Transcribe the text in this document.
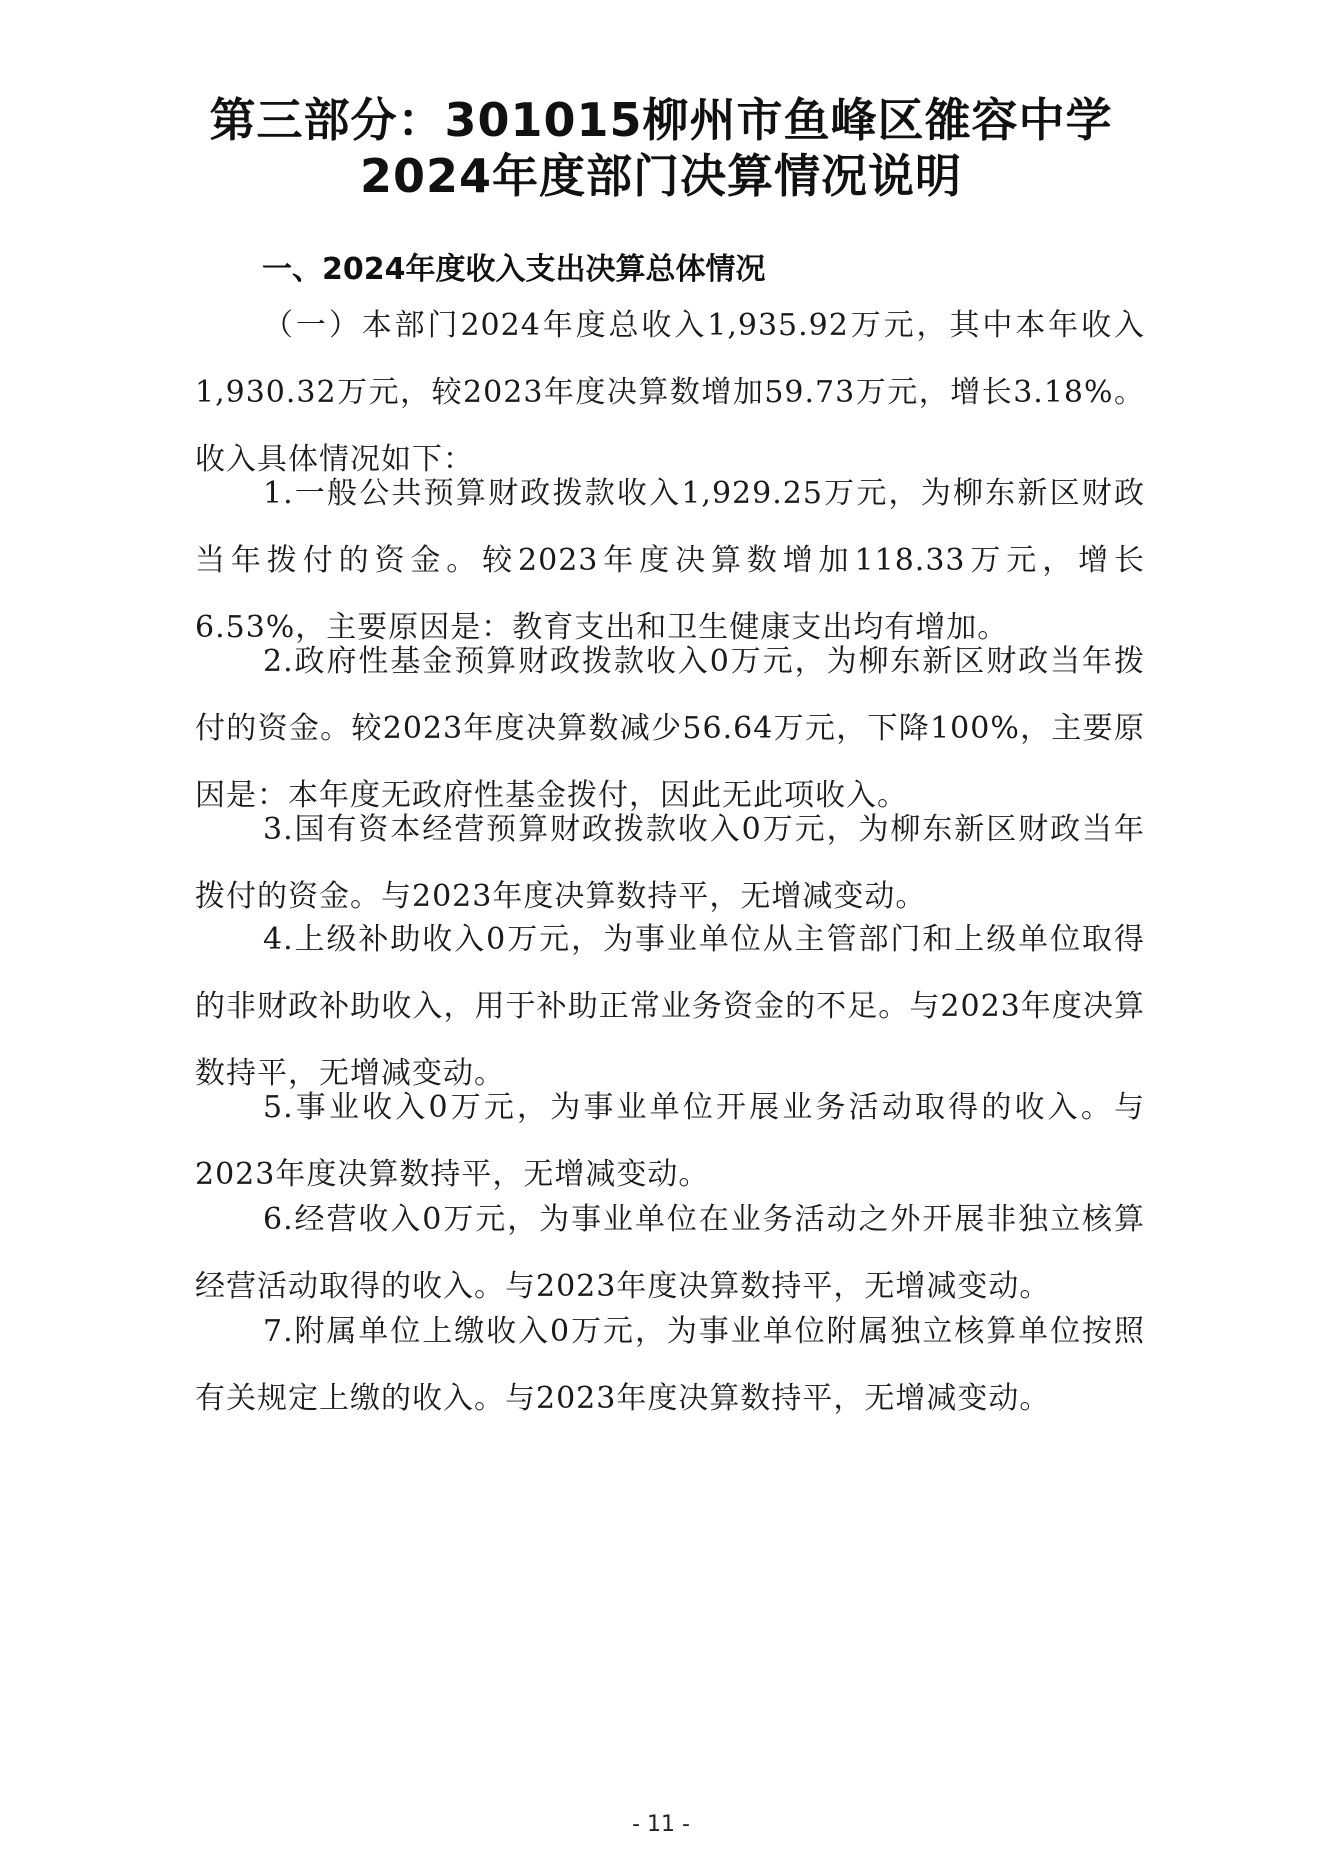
第三部分：301015柳州市鱼峰区雒容中学
2024年度部门决算情况说明
一、2024年度收入支出决算总体情况

（一）本部门2024年度总收入1,935.92万元，其中本年收入1,930.32万元，较2023年度决算数增加59.73万元，增长3.18%。收入具体情况如下：

1.一般公共预算财政拨款收入1,929.25万元，为柳东新区财政当年拨付的资金。较2023年度决算数增加118.33万元，增长6.53%，主要原因是：教育支出和卫生健康支出均有增加。

2.政府性基金预算财政拨款收入0万元，为柳东新区财政当年拨付的资金。较2023年度决算数减少56.64万元，下降100%，主要原因是：本年度无政府性基金拨付，因此无此项收入。

3.国有资本经营预算财政拨款收入0万元，为柳东新区财政当年拨付的资金。与2023年度决算数持平，无增减变动。

4.上级补助收入0万元，为事业单位从主管部门和上级单位取得的非财政补助收入，用于补助正常业务资金的不足。与2023年度决算数持平，无增减变动。

5.事业收入0万元，为事业单位开展业务活动取得的收入。与2023年度决算数持平，无增减变动。

6.经营收入0万元，为事业单位在业务活动之外开展非独立核算经营活动取得的收入。与2023年度决算数持平，无增减变动。

7.附属单位上缴收入0万元，为事业单位附属独立核算单位按照有关规定上缴的收入。与2023年度决算数持平，无增减变动。

- 11 -
